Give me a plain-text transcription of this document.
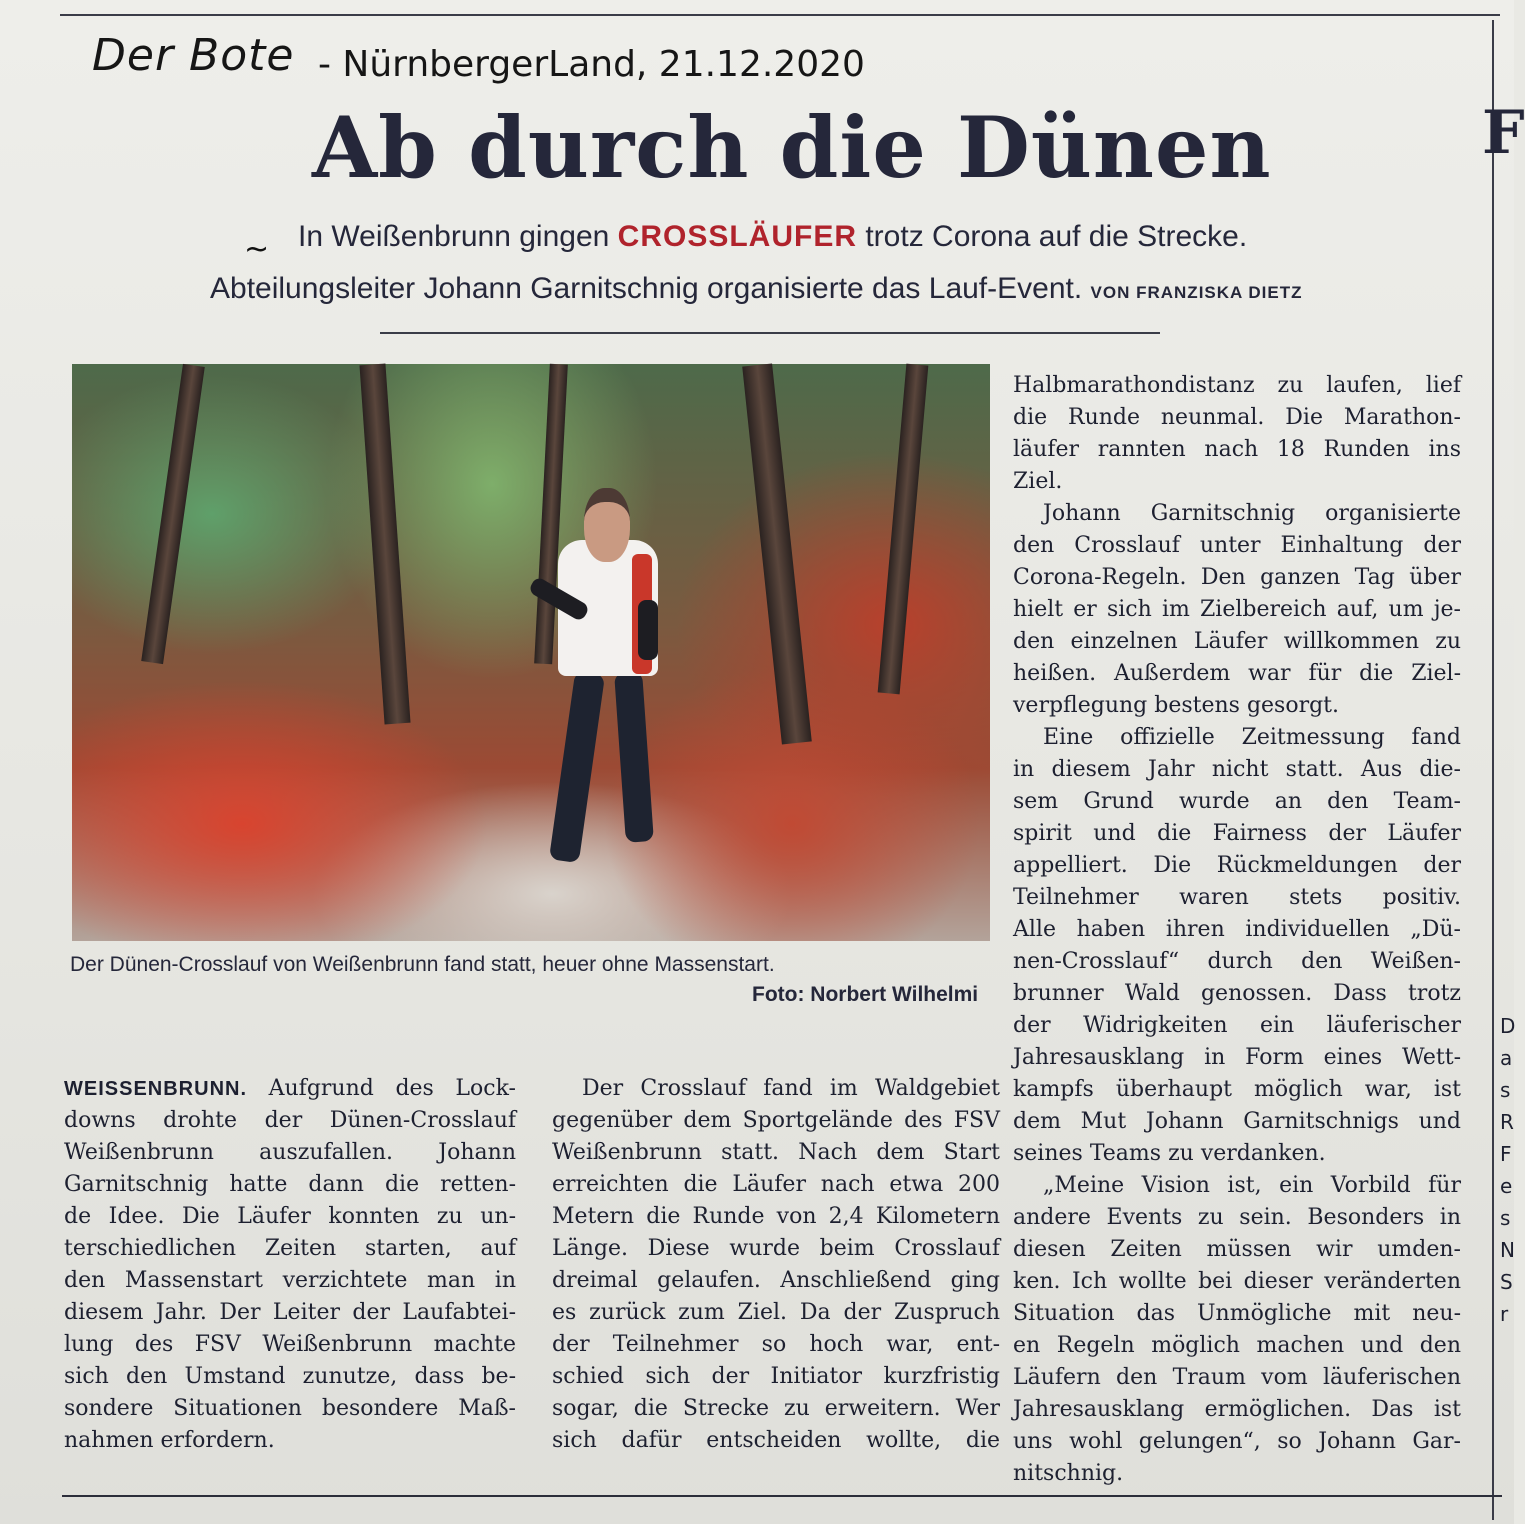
Der Bote - NürnbergerLand, 21.12.2020
Ab durch die Dünen	F
~ In Weißenbrunn gingen CROSSLÄUFER trotz Corona auf die Strecke.
Abteilungsleiter Johann Garnitschnig organisierte das Lauf-Event. VON FRANZISKA DIETZ
Der Dünen-Crosslauf von Weißenbrunn fand statt, heuer ohne Massenstart.
Foto: Norbert Wilhelmi
WEISSENBRUNN. Aufgrund des Lock-
downs drohte der Dünen-Crosslauf
Weißenbrunn auszufallen. Johann
Garnitschnig hatte dann die retten-
de Idee. Die Läufer konnten zu un-
terschiedlichen Zeiten starten, auf
den Massenstart verzichtete man in
diesem Jahr. Der Leiter der Laufabtei-
lung des FSV Weißenbrunn machte
sich den Umstand zunutze, dass be-
sondere Situationen besondere Maß-
nahmen erfordern.
Der Crosslauf fand im Waldgebiet
gegenüber dem Sportgelände des FSV
Weißenbrunn statt. Nach dem Start
erreichten die Läufer nach etwa 200
Metern die Runde von 2,4 Kilometern
Länge. Diese wurde beim Crosslauf
dreimal gelaufen. Anschließend ging
es zurück zum Ziel. Da der Zuspruch
der Teilnehmer so hoch war, ent-
schied sich der Initiator kurzfristig
sogar, die Strecke zu erweitern. Wer
sich dafür entscheiden wollte, die
Halbmarathondistanz zu laufen, lief
die Runde neunmal. Die Marathon-
läufer rannten nach 18 Runden ins
Ziel.
Johann Garnitschnig organisierte
den Crosslauf unter Einhaltung der
Corona-Regeln. Den ganzen Tag über
hielt er sich im Zielbereich auf, um je-
den einzelnen Läufer willkommen zu
heißen. Außerdem war für die Ziel-
verpflegung bestens gesorgt.
Eine offizielle Zeitmessung fand
in diesem Jahr nicht statt. Aus die-
sem Grund wurde an den Team-
spirit und die Fairness der Läufer
appelliert. Die Rückmeldungen der
Teilnehmer waren stets positiv.
Alle haben ihren individuellen „Dü-
nen-Crosslauf“ durch den Weißen-
brunner Wald genossen. Dass trotz
der Widrigkeiten ein läuferischer
Jahresausklang in Form eines Wett-
kampfs überhaupt möglich war, ist
dem Mut Johann Garnitschnigs und
seines Teams zu verdanken.
„Meine Vision ist, ein Vorbild für
andere Events zu sein. Besonders in
diesen Zeiten müssen wir umden-
ken. Ich wollte bei dieser veränderten
Situation das Unmögliche mit neu-
en Regeln möglich machen und den
Läufern den Traum vom läuferischen
Jahresausklang ermöglichen. Das ist
uns wohl gelungen“, so Johann Gar-
nitschnig.
D
a
s
R
F
e
s
N
S
r
